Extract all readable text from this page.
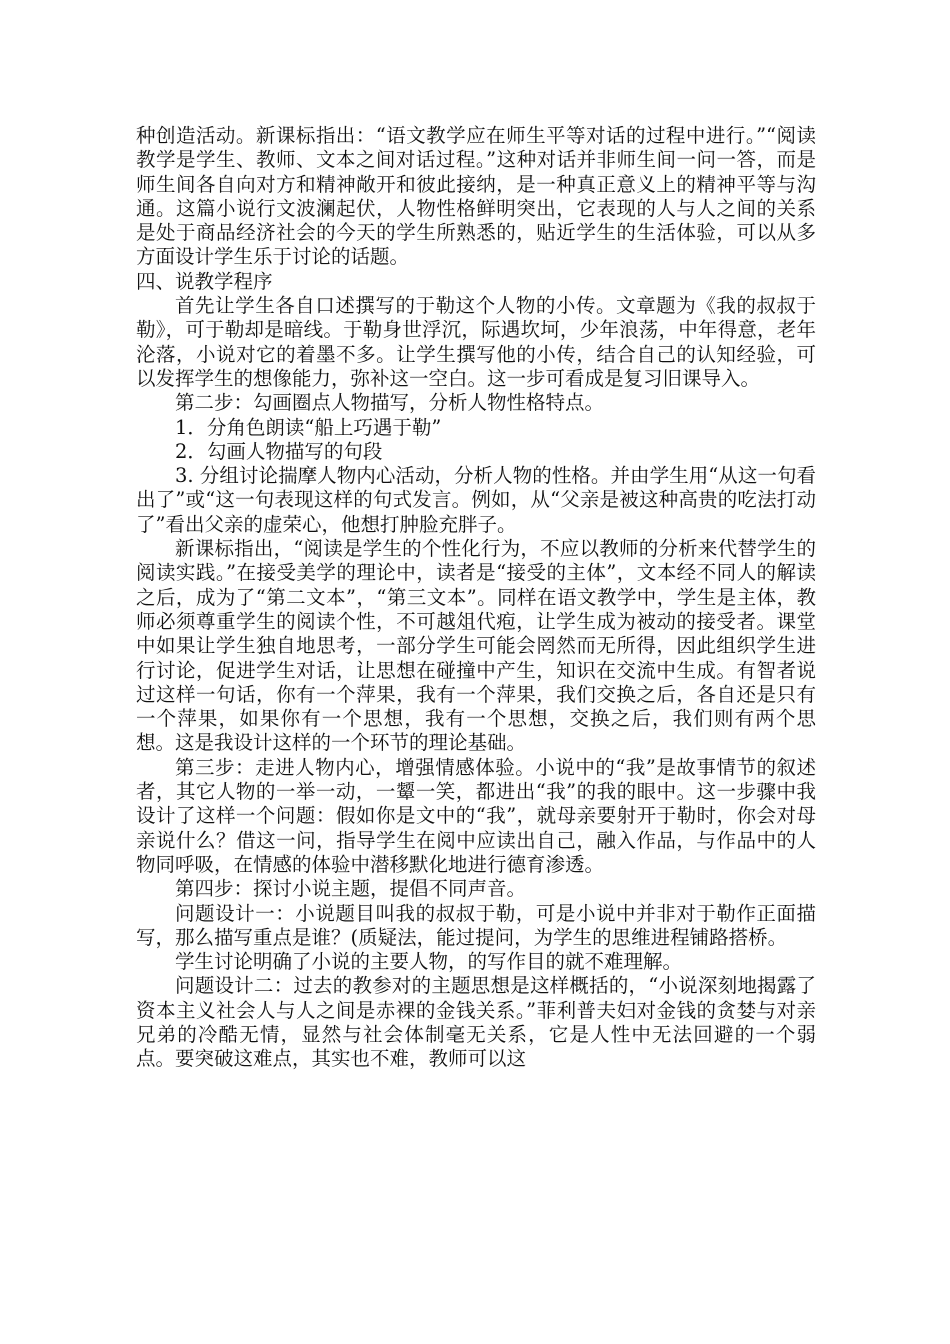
种创造活动。新课标指出：“语文教学应在师生平等对话的过程中进行。”“阅读教学是学生、教师、文本之间对话过程。”这种对话并非师生间一问一答，而是师生间各自向对方和精神敞开和彼此接纳，是一种真正意义上的精神平等与沟通。这篇小说行文波澜起伏，人物性格鲜明突出，它表现的人与人之间的关系是处于商品经济社会的今天的学生所熟悉的，贴近学生的生活体验，可以从多方面设计学生乐于讨论的话题。

四、说教学程序

首先让学生各自口述撰写的于勒这个人物的小传。文章题为《我的叔叔于勒》，可于勒却是暗线。于勒身世浮沉，际遇坎坷，少年浪荡，中年得意，老年沦落，小说对它的着墨不多。让学生撰写他的小传，结合自己的认知经验，可以发挥学生的想像能力，弥补这一空白。这一步可看成是复习旧课导入。

第二步：勾画圈点人物描写，分析人物性格特点。

1．分角色朗读“船上巧遇于勒”

2．勾画人物描写的句段

3. 分组讨论揣摩人物内心活动，分析人物的性格。并由学生用“从这一句看出了”或“这一句表现这样的句式发言。例如，从“父亲是被这种高贵的吃法打动了”看出父亲的虚荣心，他想打肿脸充胖子。

新课标指出，“阅读是学生的个性化行为，不应以教师的分析来代替学生的阅读实践。”在接受美学的理论中，读者是“接受的主体”，文本经不同人的解读之后，成为了“第二文本”，“第三文本”。同样在语文教学中，学生是主体，教师必须尊重学生的阅读个性，不可越俎代疱，让学生成为被动的接受者。课堂中如果让学生独自地思考，一部分学生可能会罔然而无所得，因此组织学生进行讨论，促进学生对话，让思想在碰撞中产生，知识在交流中生成。有智者说过这样一句话，你有一个萍果，我有一个萍果，我们交换之后，各自还是只有一个萍果，如果你有一个思想，我有一个思想，交换之后，我们则有两个思想。这是我设计这样的一个环节的理论基础。

第三步：走进人物内心，增强情感体验。小说中的“我”是故事情节的叙述者，其它人物的一举一动，一颦一笑，都进出“我”的我的眼中。这一步骤中我设计了这样一个问题：假如你是文中的“我”，就母亲要射开于勒时，你会对母亲说什么？借这一问，指导学生在阅中应读出自己，融入作品，与作品中的人物同呼吸，在情感的体验中潜移默化地进行德育渗透。

第四步：探讨小说主题，提倡不同声音。

问题设计一：小说题目叫我的叔叔于勒，可是小说中并非对于勒作正面描写，那么描写重点是谁？(质疑法，能过提问，为学生的思维进程铺路搭桥。

学生讨论明确了小说的主要人物，的写作目的就不难理解。

问题设计二：过去的教参对的主题思想是这样概括的，“小说深刻地揭露了资本主义社会人与人之间是赤裸的金钱关系。”菲利普夫妇对金钱的贪婪与对亲兄弟的冷酷无情，显然与社会体制毫无关系，它是人性中无法回避的一个弱点。要突破这难点，其实也不难，教师可以这
